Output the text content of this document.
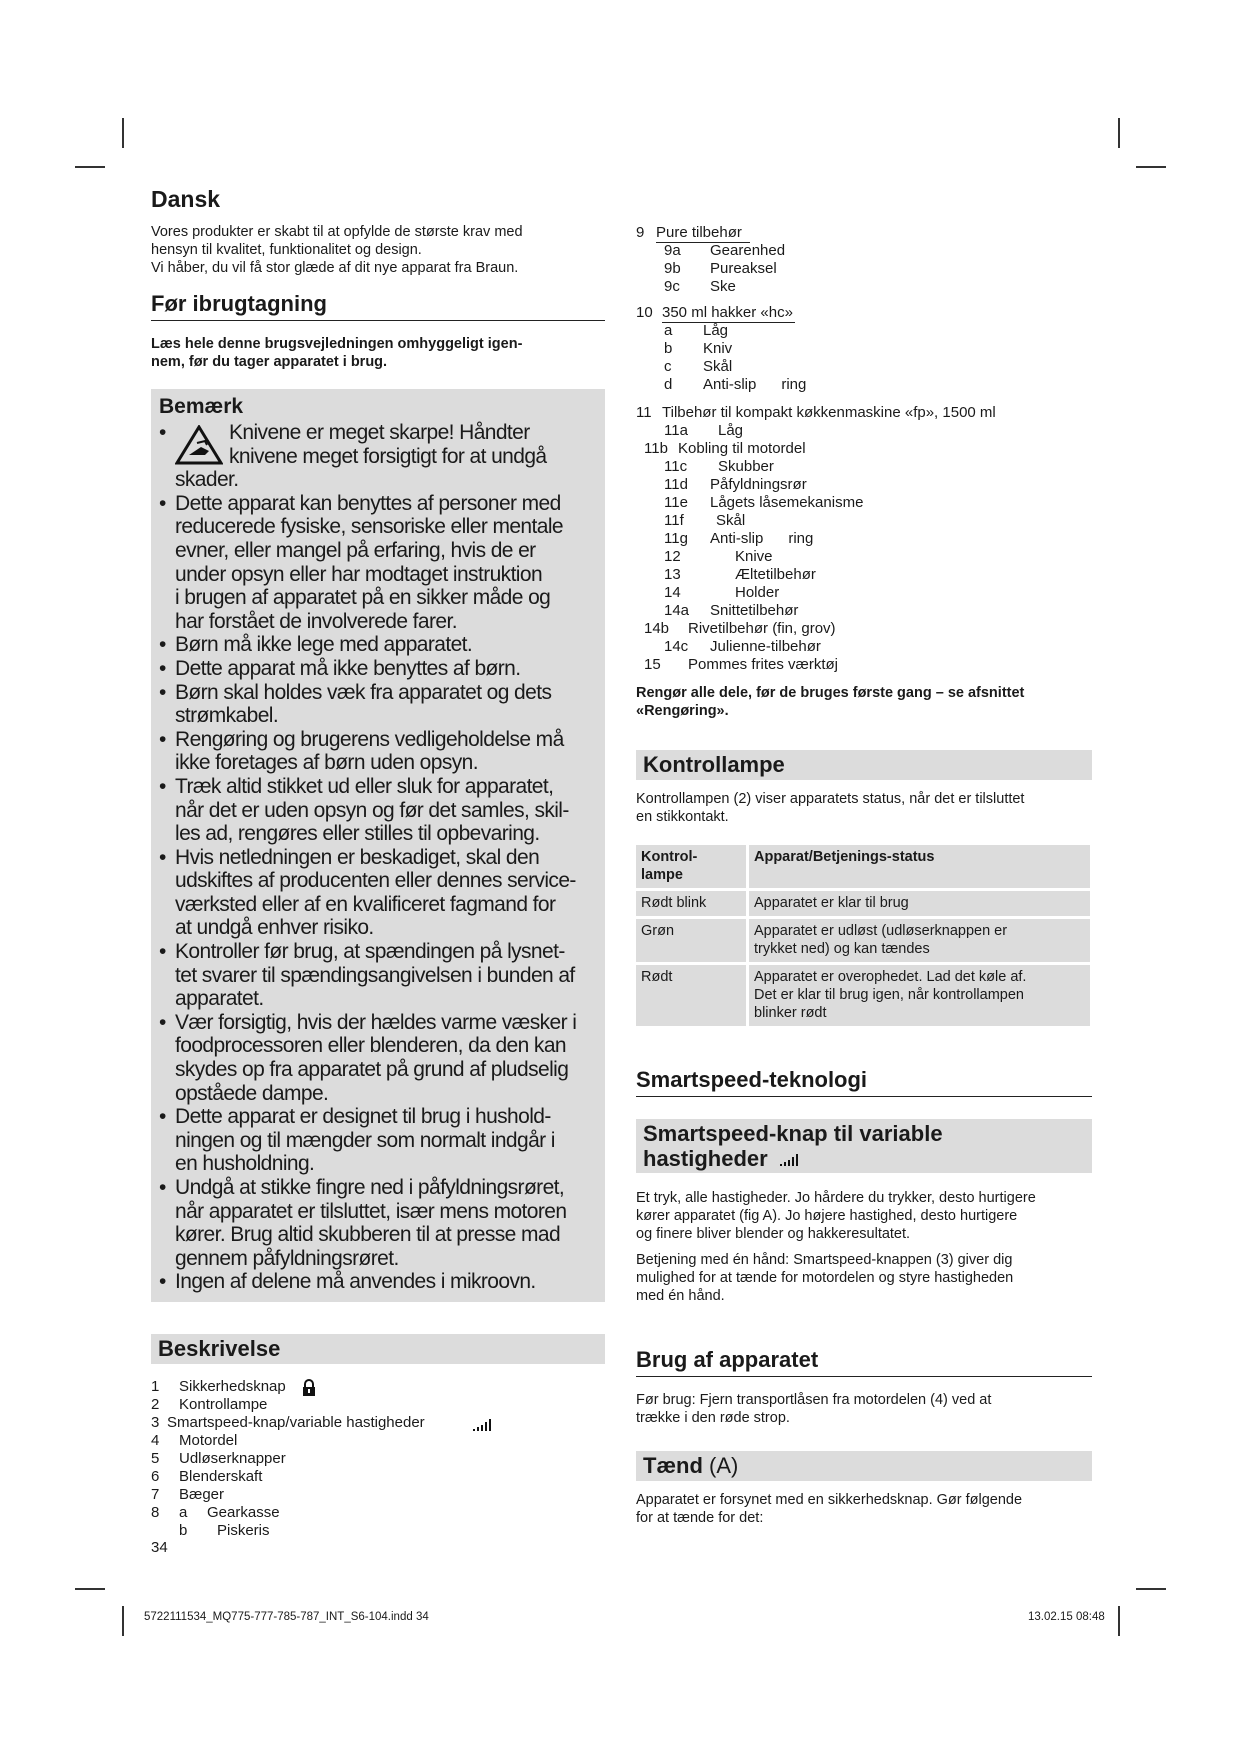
Dansk

Vores produkter er skabt til at opfylde de største krav med
hensyn til kvalitet, funktionalitet og design.
Vi håber, du vil få stor glæde af dit nye apparat fra Braun.

Før ibrugtagning

Læs hele denne brugsvejledningen omhyggeligt igen-
nem, før du tager apparatet i brug.

Bemærk
•	Knivene er meget skarpe! Håndter
knivene meget forsigtigt for at undgå
skader.
• Dette apparat kan benyttes af personer med
reducerede fysiske, sensoriske eller mentale
evner, eller mangel på erfaring, hvis de er
under opsyn eller har modtaget instruktion
i brugen af apparatet på en sikker måde og
har forstået de involverede farer.
• Børn må ikke lege med apparatet.
• Dette apparat må ikke benyttes af børn.
• Børn skal holdes væk fra apparatet og dets
strømkabel.
• Rengøring og brugerens vedligeholdelse må
ikke foretages af børn uden opsyn.
• Træk altid stikket ud eller sluk for apparatet,
når det er uden opsyn og før det samles, skil-
les ad, rengøres eller stilles til opbevaring.
• Hvis netledningen er beskadiget, skal den
udskiftes af producenten eller dennes service-
værksted eller af en kvalificeret fagmand for
at undgå enhver risiko.
• Kontroller før brug, at spændingen på lysnet-
tet svarer til spændingsangivelsen i bunden af
apparatet.
• Vær forsigtig, hvis der hældes varme væsker i
foodprocessoren eller blenderen, da den kan
skydes op fra apparatet på grund af pludselig
opståede dampe.
• Dette apparat er designet til brug i hushold-
ningen og til mængder som normalt indgår i
en husholdning.
• Undgå at stikke fingre ned i påfyldningsrøret,
når apparatet er tilsluttet, især mens motoren
kører. Brug altid skubberen til at presse mad
gennem påfyldningsrøret.
• Ingen af delene må anvendes i mikroovn.
Beskrivelse
1 Sikkerhedsknap
2 Kontrollampe
3 Smartspeed-knap/variable hastigheder
4 Motordel
5 Udløserknapper
6 Blenderskaft
7 Bæger
8 a Gearkasse
b Piskeris
34
9 Pure tilbehør
9a Gearenhed
9b Pureaksel
9c Ske
10 350 ml hakker «hc»
a Låg
b Kniv
c Skål
d Anti-slip      ring
11 Tilbehør til kompakt køkkenmaskine «fp», 1500 ml
11a Låg
11b Kobling til motordel
11c Skubber
11d Påfyldningsrør
11e Lågets låsemekanisme
11f Skål
11g Anti-slip      ring
12	Knive
13	Æltetilbehør
14	Holder
14a Snittetilbehør
14b Rivetilbehør (fin, grov)
14c Julienne-tilbehør
15 Pommes frites værktøj

Rengør alle dele, før de bruges første gang – se afsnittet
«Rengøring».

Kontrollampe

Kontrollampen (2) viser apparatets status, når det er tilsluttet
en stikkontakt.

Kontrol-
lampe	Apparat/Betjenings-status
Rødt blink	Apparatet er klar til brug
Grøn	Apparatet er udløst (udløserknappen er
trykket ned) og kan tændes
Rødt	Apparatet er overophedet. Lad det køle af.
Det er klar til brug igen, når kontrollampen
blinker rødt
Smartspeed-teknologi
Smartspeed-knap til variable
hastigheder

Et tryk, alle hastigheder. Jo hårdere du trykker, desto hurtigere
kører apparatet (fig A). Jo højere hastighed, desto hurtigere
og finere bliver blender og hakkeresultatet.

Betjening med én hånd: Smartspeed-knappen (3) giver dig
mulighed for at tænde for motordelen og styre hastigheden
med én hånd.

Brug af apparatet

Før brug: Fjern transportlåsen fra motordelen (4) ved at
trække i den røde strop.

Tænd (A)

Apparatet er forsynet med en sikkerhedsknap. Gør følgende
for at tænde for det:

5722111534_MQ775-777-785-787_INT_S6-104.indd 34	13.02.15 08:48
